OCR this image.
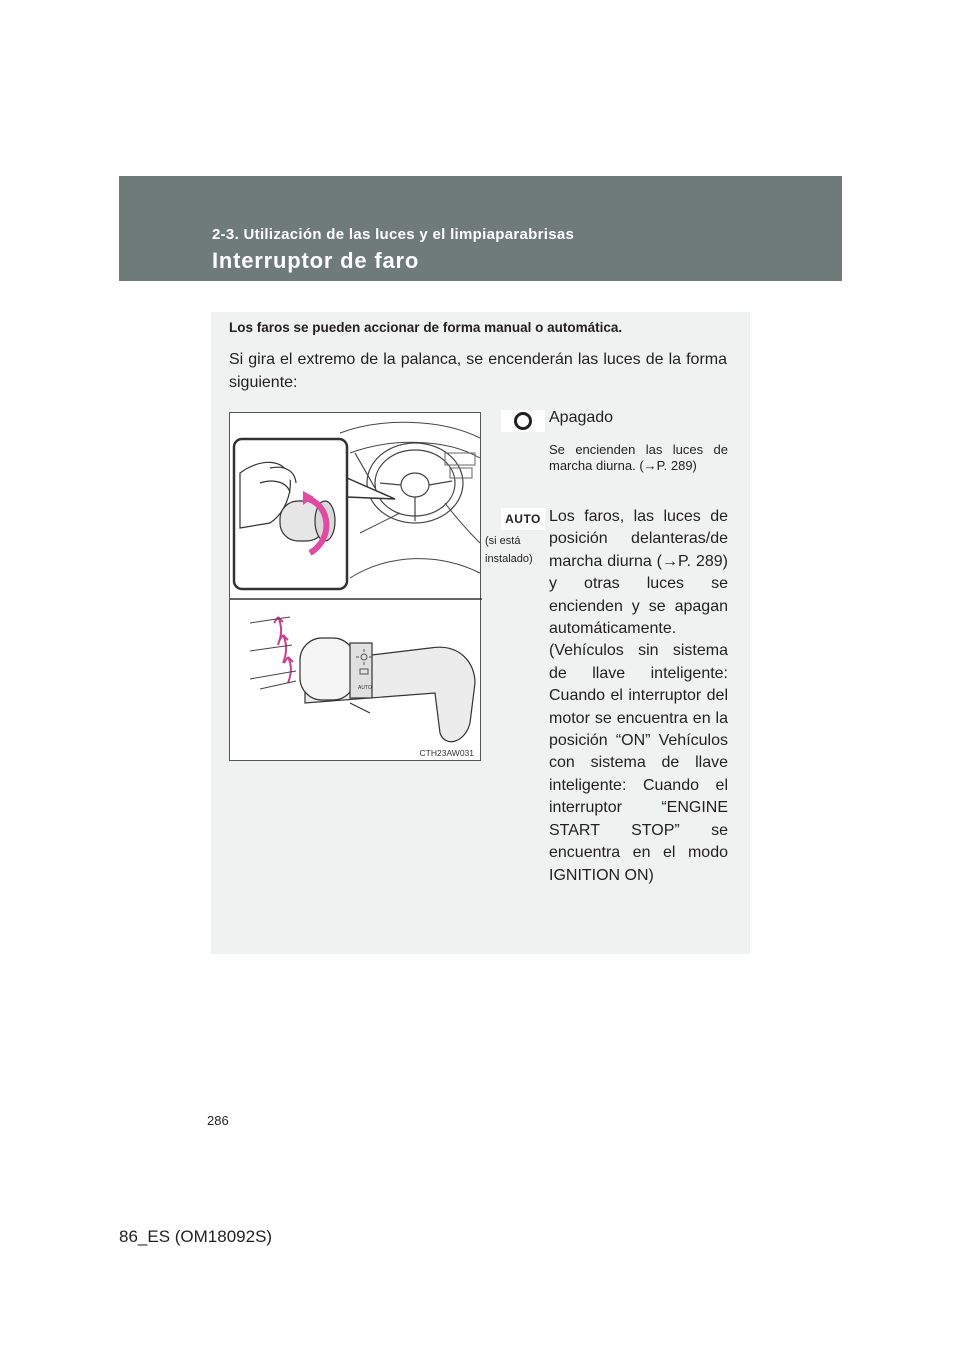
2-3. Utilización de las luces y el limpiaparabrisas
Interruptor de faro
Los faros se pueden accionar de forma manual o automática.
Si gira el extremo de la palanca, se encenderán las luces de la forma siguiente:
AUTO
CTH23AW031
Apagado
Se encienden las luces de marcha diurna. (→P. 289)
AUTO
(si está
instalado)
Los faros, las luces de posición delanteras/de marcha diurna (→P. 289) y otras luces se encienden y se apagan automáticamente. (Vehículos sin sistema de llave inteligente: Cuando el interruptor del motor se encuentra en la posición “ON” Vehículos con sistema de llave inteligente: Cuando el interruptor “ENGINE START STOP” se encuentra en el modo IGNITION ON)
286
86_ES (OM18092S)
